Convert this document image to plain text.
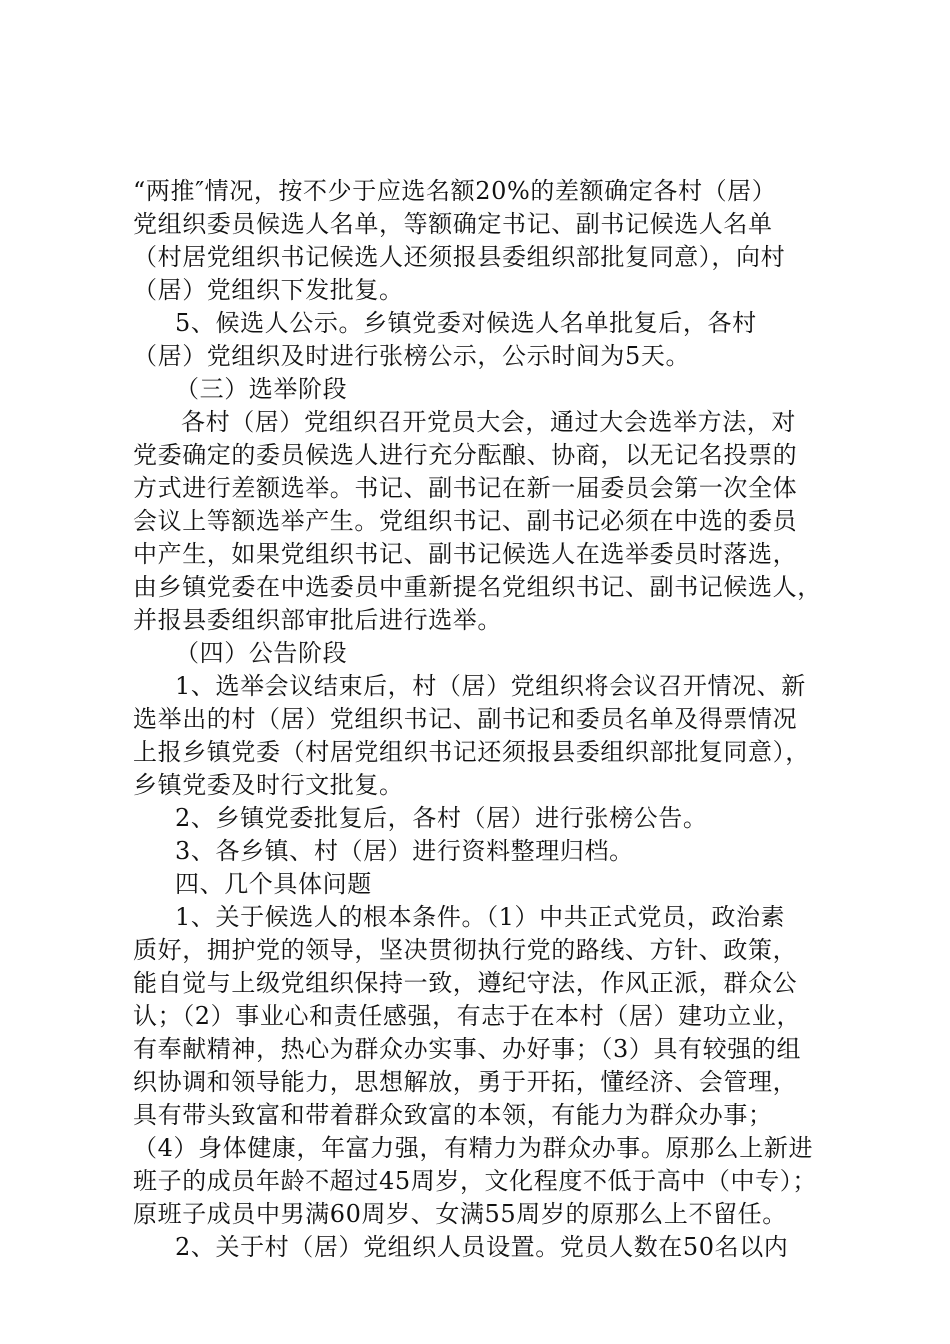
“两推″情况，按不少于应选名额20%的差额确定各村（居）
党组织委员候选人名单，等额确定书记、副书记候选人名单
（村居党组织书记候选人还须报县委组织部批复同意），向村
（居）党组织下发批复。
5、候选人公示。乡镇党委对候选人名单批复后，各村
（居）党组织及时进行张榜公示，公示时间为5天。
（三）选举阶段
各村（居）党组织召开党员大会，通过大会选举方法，对
党委确定的委员候选人进行充分酝酿、协商，以无记名投票的
方式进行差额选举。书记、副书记在新一届委员会第一次全体
会议上等额选举产生。党组织书记、副书记必须在中选的委员
中产生，如果党组织书记、副书记候选人在选举委员时落选，
由乡镇党委在中选委员中重新提名党组织书记、副书记候选人，
并报县委组织部审批后进行选举。
（四）公告阶段
1、选举会议结束后，村（居）党组织将会议召开情况、新
选举出的村（居）党组织书记、副书记和委员名单及得票情况
上报乡镇党委（村居党组织书记还须报县委组织部批复同意），
乡镇党委及时行文批复。
2、乡镇党委批复后，各村（居）进行张榜公告。
3、各乡镇、村（居）进行资料整理归档。
四、几个具体问题
1、关于候选人的根本条件。（1）中共正式党员，政治素
质好，拥护党的领导，坚决贯彻执行党的路线、方针、政策，
能自觉与上级党组织保持一致，遵纪守法，作风正派，群众公
认；（2）事业心和责任感强，有志于在本村（居）建功立业，
有奉献精神，热心为群众办实事、办好事；（3）具有较强的组
织协调和领导能力，思想解放，勇于开拓，懂经济、会管理，
具有带头致富和带着群众致富的本领，有能力为群众办事；
（4）身体健康，年富力强，有精力为群众办事。原那么上新进
班子的成员年龄不超过45周岁，文化程度不低于高中（中专）；
原班子成员中男满60周岁、女满55周岁的原那么上不留任。
2、关于村（居）党组织人员设置。党员人数在50名以内
